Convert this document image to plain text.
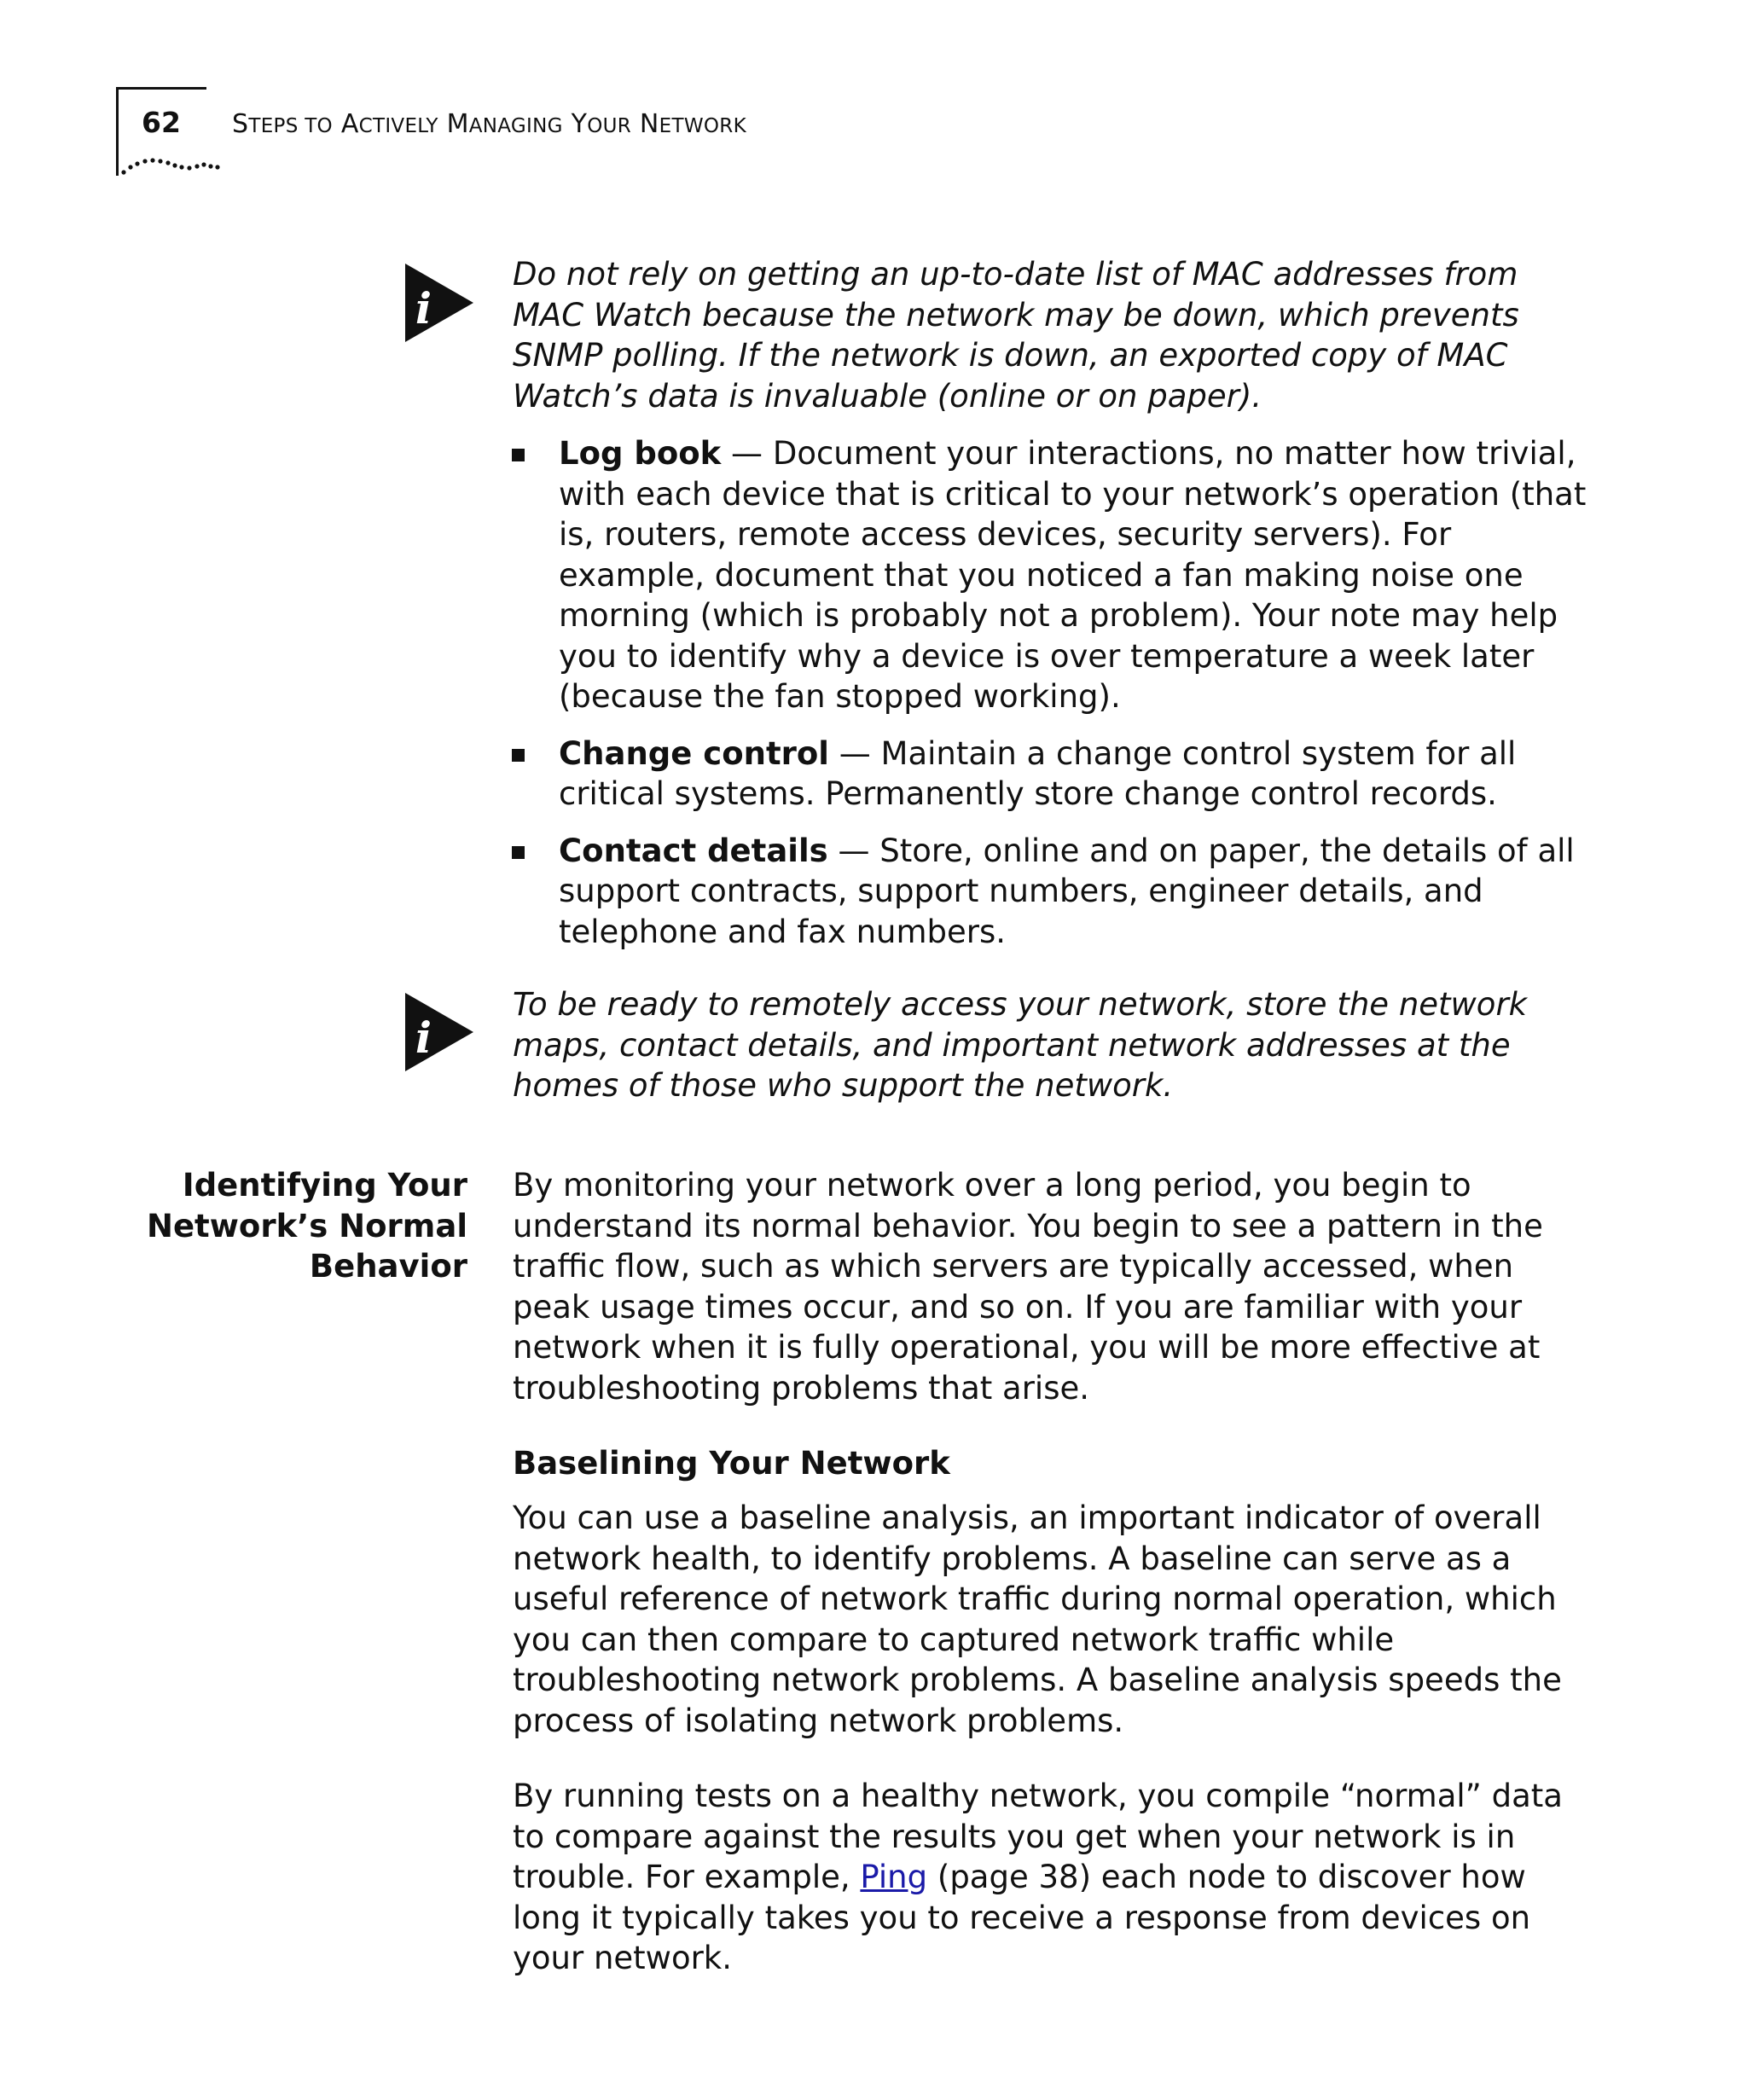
62 STEPS TO ACTIVELY MANAGING YOUR NETWORK
i

Do not rely on getting an up-to-date list of MAC addresses from MAC Watch because the network may be down, which prevents SNMP polling. If the network is down, an exported copy of MAC Watch’s data is invaluable (online or on paper).

Log book — Document your interactions, no matter how trivial, with each device that is critical to your network’s operation (that is, routers, remote access devices, security servers). For example, document that you noticed a fan making noise one morning (which is probably not a problem). Your note may help you to identify why a device is over temperature a week later (because the fan stopped working).
Change control — Maintain a change control system for all critical systems. Permanently store change control records.
Contact details — Store, online and on paper, the details of all support contracts, support numbers, engineer details, and telephone and fax numbers.
i

To be ready to remotely access your network, store the network maps, contact details, and important network addresses at the homes of those who support the network.

Identifying Your
Network’s Normal
Behavior

By monitoring your network over a long period, you begin to understand its normal behavior. You begin to see a pattern in the traffic flow, such as which servers are typically accessed, when peak usage times occur, and so on. If you are familiar with your network when it is fully operational, you will be more effective at troubleshooting problems that arise.

Baselining Your Network

You can use a baseline analysis, an important indicator of overall network health, to identify problems. A baseline can serve as a useful reference of network traffic during normal operation, which you can then compare to captured network traffic while troubleshooting network problems. A baseline analysis speeds the process of isolating network problems.

By running tests on a healthy network, you compile “normal” data to compare against the results you get when your network is in trouble. For example, Ping (page 38) each node to discover how long it typically takes you to receive a response from devices on your network.
